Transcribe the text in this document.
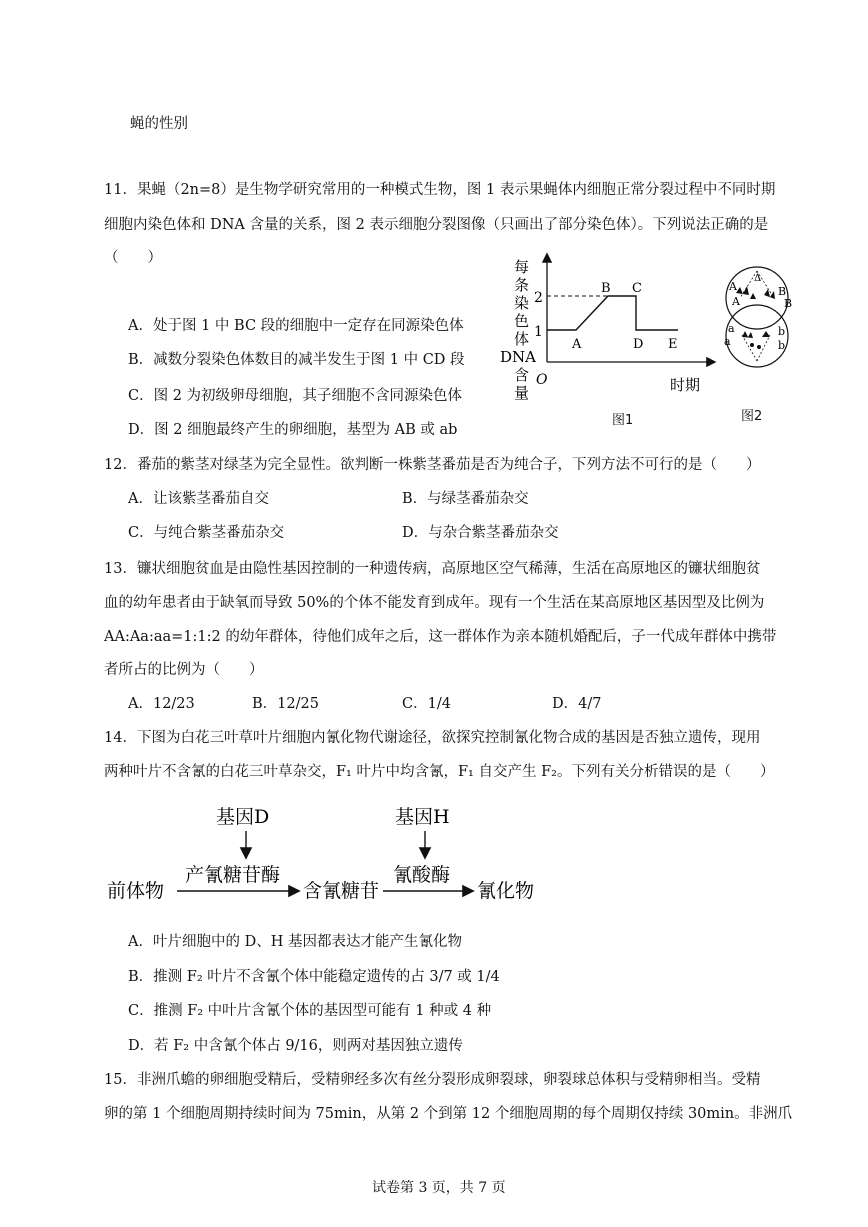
蝇的性别
11．果蝇（2n=8）是生物学研究常用的一种模式生物，图 1 表示果蝇体内细胞正常分裂过程中不同时期
细胞内染色体和 DNA 含量的关系，图 2 表示细胞分裂图像（只画出了部分染色体）。下列说法正确的是
（　　）
A．处于图 1 中 BC 段的细胞中一定存在同源染色体
B．减数分裂染色体数目的减半发生于图 1 中 CD 段
C．图 2 为初级卵母细胞，其子细胞不含同源染色体
D．图 2 细胞最终产生的卵细胞，基型为 AB 或 ab
每
条
染
色
体
DNA
含
量
2
1
O
A
B C
D E
时期
图1
Δ
A
A
B
B
a
a
b
b
图2
12．番茄的紫茎对绿茎为完全显性。欲判断一株紫茎番茄是否为纯合子，下列方法不可行的是（　　）
A．让该紫茎番茄自交	B．与绿茎番茄杂交
C．与纯合紫茎番茄杂交	D．与杂合紫茎番茄杂交
13．镰状细胞贫血是由隐性基因控制的一种遗传病，高原地区空气稀薄，生活在高原地区的镰状细胞贫
血的幼年患者由于缺氧而导致 50%的个体不能发育到成年。现有一个生活在某高原地区基因型及比例为
AA:Aa:aa=1:1:2 的幼年群体，待他们成年之后，这一群体作为亲本随机婚配后，子一代成年群体中携带
者所占的比例为（　　）
A．12/23	B．12/25	C．1/4	D．4/7
14．下图为白花三叶草叶片细胞内氰化物代谢途径，欲探究控制氰化物合成的基因是否独立遗传，现用
两种叶片不含氰的白花三叶草杂交，F₁ 叶片中均含氰，F₁ 自交产生 F₂。下列有关分析错误的是（　　）
基因D	基因H
产氰糖苷酶	氰酸酶
前体物	含氰糖苷	氰化物
A．叶片细胞中的 D、H 基因都表达才能产生氰化物
B．推测 F₂ 叶片不含氰个体中能稳定遗传的占 3/7 或 1/4
C．推测 F₂ 中叶片含氰个体的基因型可能有 1 种或 4 种
D．若 F₂ 中含氰个体占 9/16，则两对基因独立遗传
15．非洲爪蟾的卵细胞受精后，受精卵经多次有丝分裂形成卵裂球，卵裂球总体积与受精卵相当。受精
卵的第 1 个细胞周期持续时间为 75min，从第 2 个到第 12 个细胞周期的每个周期仅持续 30min。非洲爪
试卷第 3 页，共 7 页
